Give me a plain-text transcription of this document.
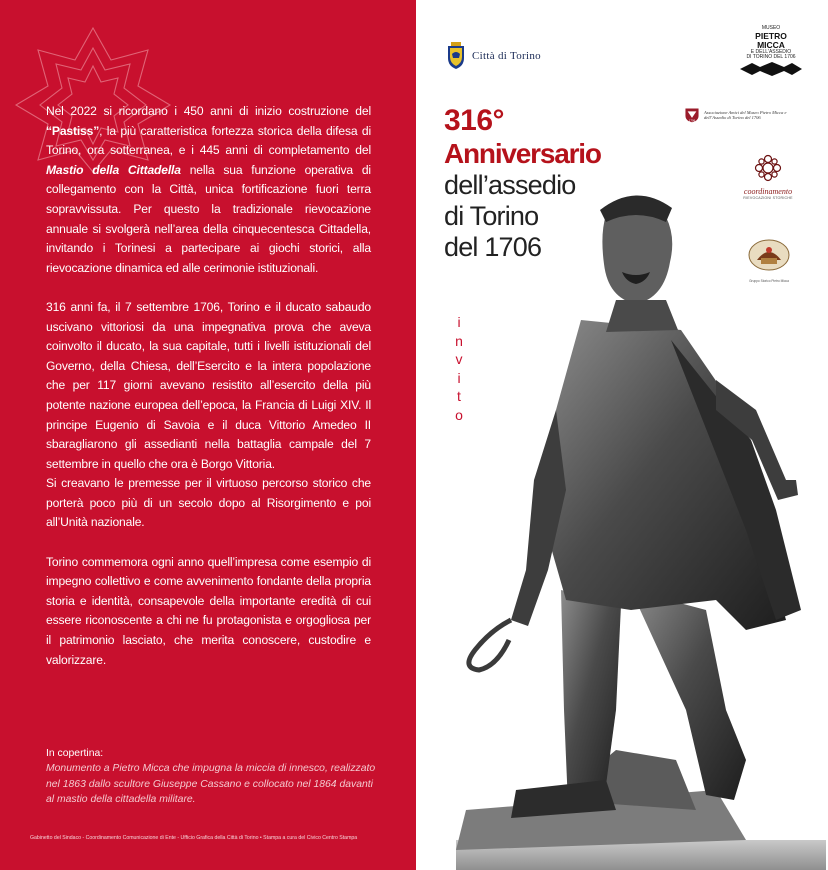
Nel 2022 si ricordano i 450 anni di inizio costruzione del “Pastiss”, la più caratteristica fortezza storica della difesa di Torino, ora sotterranea, e i 445 anni di completamento del Mastio della Cittadella nella sua funzione operativa di collegamento con la Città, unica fortificazione fuori terra sopravvissuta. Per questo la tradizionale rievocazione annuale si svolgerà nell’area della cinquecentesca Cittadella, invitando i Torinesi a partecipare ai giochi storici, alla rievocazione dinamica ed alle cerimonie istituzionali.

316 anni fa, il 7 settembre 1706, Torino e il ducato sabaudo uscivano vittoriosi da una impegnativa prova che aveva coinvolto il ducato, la sua capitale, tutti i livelli istituzionali del Governo, della Chiesa, dell’Esercito e la intera popolazione che per 117 giorni avevano resistito all’esercito della più potente nazione europea dell’epoca, la Francia di Luigi XIV. Il principe Eugenio di Savoia e il duca Vittorio Amedeo II sbaragliarono gli assedianti nella battaglia campale del 7 settembre in quello che ora è Borgo Vittoria.
Si creavano le premesse per il virtuoso percorso storico che porterà poco più di un secolo dopo al Risorgimento e poi all’Unità nazionale.

Torino commemora ogni anno quell’impresa come esempio di impegno collettivo e come avvenimento fondante della propria storia e identità, consapevole della importante eredità di cui essere riconoscente a chi ne fu protagonista e orgogliosa per il patrimonio lasciato, che merita conoscere, custodire e valorizzare.

In copertina:
Monumento a Pietro Micca che impugna la miccia di innesco, realizzato nel 1863 dallo scultore Giuseppe Cassano e collocato nel 1864 davanti al mastio della cittadella militare.
Gabinetto del Sindaco - Coordinamento Comunicazione di Ente - Ufficio Grafica della Città di Torino • Stampa a cura del Civico Centro Stampa
Città di Torino
MUSEO
PIETRO
MICCA
E DELL'ASSEDIO
DI TORINO DEL 1706
1706
Associazione Amici del Museo Pietro Micca e dell’Assedio di Torino del 1706
coordinamento
RIEVOCAZIONI STORICHE
Gruppo Storico Pietro Micca
316°
Anniversario
dell’assedio
di Torino
del 1706
i
n
v
i
t
o
